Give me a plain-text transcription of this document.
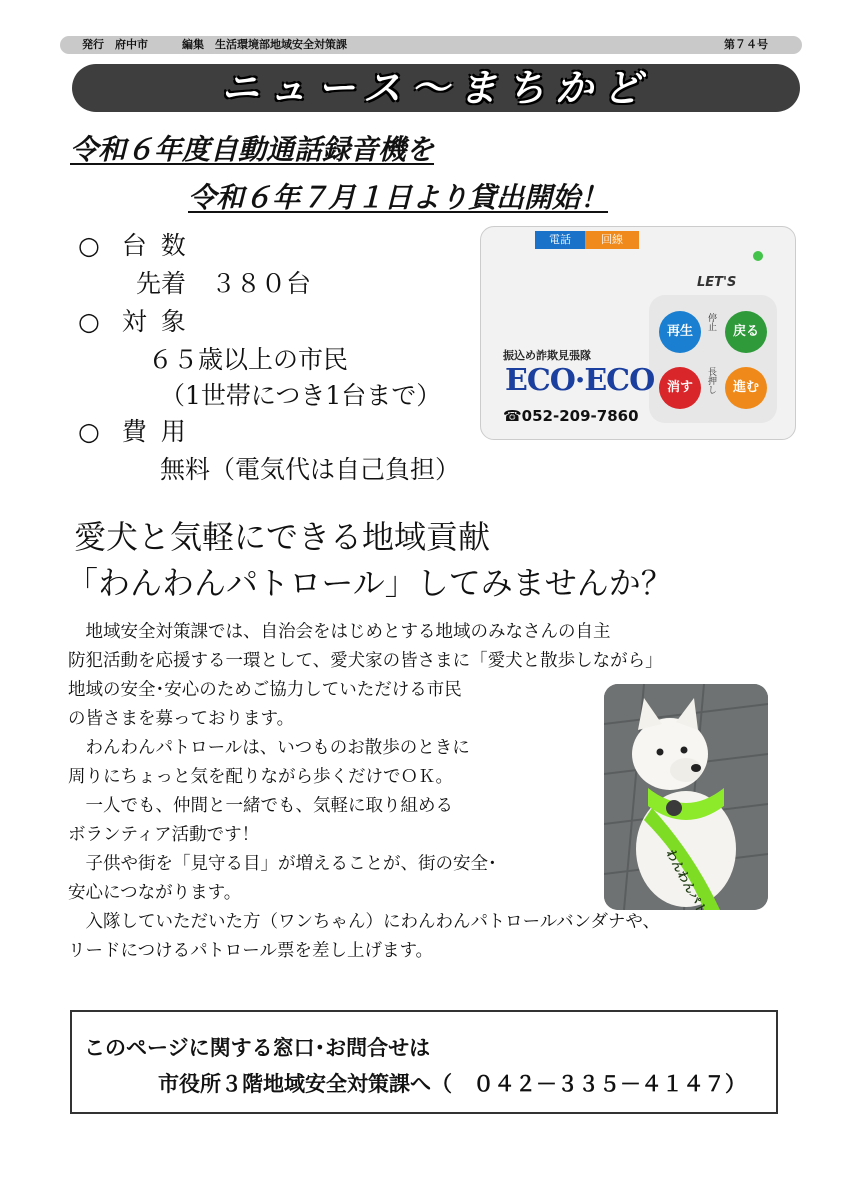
発行　府中市	編集　生活環境部地域安全対策課	第７４号
ニュース～まちかど
令和６年度自動通話録音機を
令和６年７月１日より貸出開始！
○ 台数
先着　３８０台
○ 対象
６５歳以上の市民
（1世帯につき1台まで）
○ 費用
無料（電気代は自己負担）
電話	回線
LET'S
再生	戻る
消す	進む
停止
長押し
振込め詐欺見張隊
ECO·ECO
☎052-209-7860
愛犬と気軽にできる地域貢献
「わんわんパトロール」してみませんか？
　地域安全対策課では、自治会をはじめとする地域のみなさんの自主
防犯活動を応援する一環として、愛犬家の皆さまに「愛犬と散歩しながら」
地域の安全･安心のためご協力していただける市民
の皆さまを募っております。
　わんわんパトロールは、いつものお散歩のときに
周りにちょっと気を配りながら歩くだけでＯＫ。
　一人でも、仲間と一緒でも、気軽に取り組める
ボランティア活動です！
　子供や街を「見守る目」が増えることが、街の安全･
安心につながります。
　入隊していただいた方（ワンちゃん）にわんわんパトロールバンダナや、
リードにつけるパトロール票を差し上げます。
このページに関する窓口･お問合せは
市役所３階地域安全対策課へ（　０４２－３３５－４１４７）
